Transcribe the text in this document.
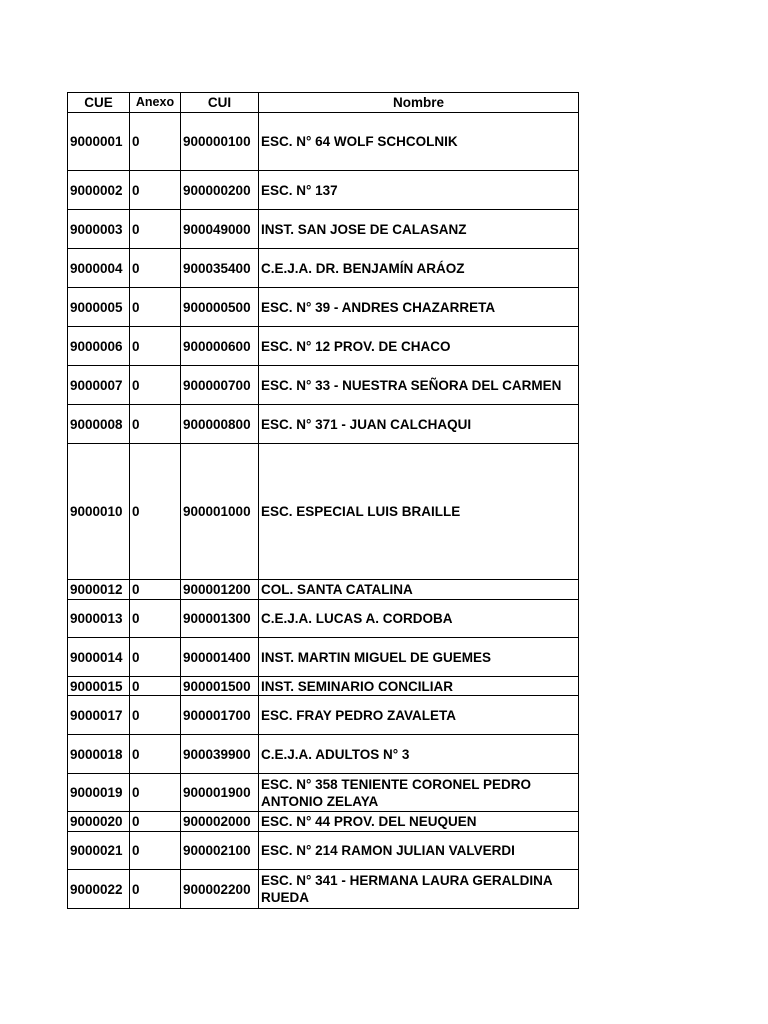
CUE	Anexo	CUI	Nombre
9000001	0	900000100	ESC. N° 64 WOLF SCHCOLNIK
9000002	0	900000200	ESC. N° 137
9000003	0	900049000	INST. SAN JOSE DE CALASANZ
9000004	0	900035400	C.E.J.A. DR. BENJAMÍN ARÁOZ
9000005	0	900000500	ESC. N° 39 - ANDRES CHAZARRETA
9000006	0	900000600	ESC. N° 12 PROV. DE CHACO
9000007	0	900000700	ESC. N° 33 - NUESTRA SEÑORA DEL CARMEN
9000008	0	900000800	ESC. N° 371 - JUAN CALCHAQUI
9000010	0	900001000	ESC. ESPECIAL LUIS BRAILLE
9000012	0	900001200	COL. SANTA CATALINA
9000013	0	900001300	C.E.J.A. LUCAS A. CORDOBA
9000014	0	900001400	INST. MARTIN MIGUEL DE GUEMES
9000015	0	900001500	INST. SEMINARIO CONCILIAR
9000017	0	900001700	ESC. FRAY PEDRO ZAVALETA
9000018	0	900039900	C.E.J.A. ADULTOS N° 3
9000019	0	900001900	ESC. N° 358 TENIENTE CORONEL PEDRO ANTONIO ZELAYA
9000020	0	900002000	ESC. N° 44 PROV. DEL NEUQUEN
9000021	0	900002100	ESC. N° 214 RAMON JULIAN VALVERDI
9000022	0	900002200	ESC. N° 341 - HERMANA LAURA GERALDINA RUEDA
